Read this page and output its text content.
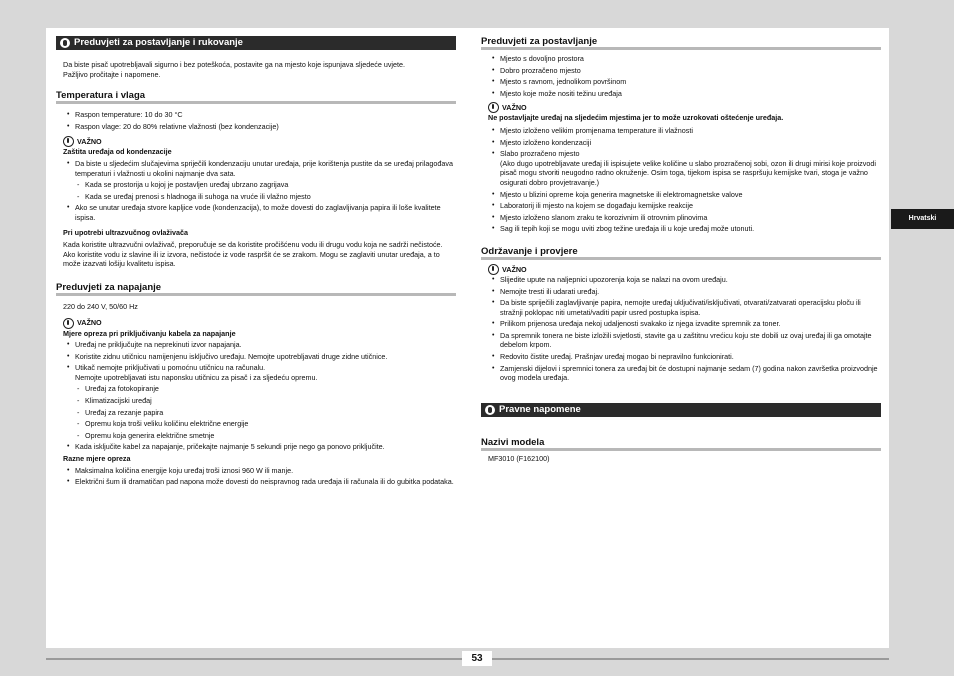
53
Hrvatski
Preduvjeti za postavljanje i rukovanje
Da biste pisač upotrebljavali sigurno i bez poteškoća, postavite ga na mjesto koje ispunjava sljedeće uvjete.
Pažljivo pročitajte i napomene.
Temperatura i vlaga
• Raspon temperature: 10 do 30 °C
• Raspon vlage: 20 do 80% relativne vlažnosti (bez kondenzacije)
VAŽNO
Zaštita uređaja od kondenzacije
• Da biste u sljedećim slučajevima spriječili kondenzaciju unutar uređaja, prije korištenja pustite da se uređaj prilagođava temperaturi i vlažnosti u okolini najmanje dva sata.
- Kada se prostorija u kojoj je postavljen uređaj ubrzano zagrijava
- Kada se uređaj prenosi s hladnoga ili suhoga na vruće ili vlažno mjesto
• Ako se unutar uređaja stvore kapljice vode (kondenzacija), to može dovesti do zaglavljivanja papira ili loše kvalitete ispisa.
Pri upotrebi ultrazvučnog ovlaživača
Kada koristite ultrazvučni ovlaživač, preporučuje se da koristite pročišćenu vodu ili drugu vodu koja ne sadrži nečistoće.
Ako koristite vodu iz slavine ili iz izvora, nečistoće iz vode raspršit će se zrakom. Mogu se zaglaviti unutar uređaja, a to može izazvati lošiju kvalitetu ispisa.
Preduvjeti za napajanje
220 do 240 V, 50/60 Hz
VAŽNO
Mjere opreza pri priključivanju kabela za napajanje
• Uređaj ne priključujte na neprekinuti izvor napajanja.
• Koristite zidnu utičnicu namijenjenu isključivo uređaju. Nemojte upotrebljavati druge zidne utičnice.
• Utikač nemojte priključivati u pomoćnu utičnicu na računalu.
Nemojte upotrebljavati istu naponsku utičnicu za pisač i za sljedeću opremu.
- Uređaj za fotokopiranje
- Klimatizacijski uređaj
- Uređaj za rezanje papira
- Opremu koja troši veliku količinu električne energije
- Opremu koja generira električne smetnje
• Kada isključite kabel za napajanje, pričekajte najmanje 5 sekundi prije nego ga ponovo priključite.
Razne mjere opreza
• Maksimalna količina energije koju uređaj troši iznosi 960 W ili manje.
• Električni šum ili dramatičan pad napona može dovesti do neispravnog rada uređaja ili računala ili do gubitka podataka.
Preduvjeti za postavljanje
• Mjesto s dovoljno prostora
• Dobro prozračeno mjesto
• Mjesto s ravnom, jednolikom površinom
• Mjesto koje može nositi težinu uređaja
VAŽNO
Ne postavljajte uređaj na sljedećim mjestima jer to može uzrokovati oštećenje uređaja.
• Mjesto izloženo velikim promjenama temperature ili vlažnosti
• Mjesto izloženo kondenzaciji
• Slabo prozračeno mjesto
(Ako dugo upotrebljavate uređaj ili ispisujete velike količine u slabo prozračenoj sobi, ozon ili drugi mirisi koje proizvodi pisač mogu stvoriti neugodno radno okruženje. Osim toga, tijekom ispisa se raspršuju kemijske tvari, stoga je važno osigurati dobro provjetravanje.)
• Mjesto u blizini opreme koja generira magnetske ili elektromagnetske valove
• Laboratorij ili mjesto na kojem se događaju kemijske reakcije
• Mjesto izloženo slanom zraku te korozivnim ili otrovnim plinovima
• Sag ili tepih koji se mogu uviti zbog težine uređaja ili u koje uređaj može utonuti.
Održavanje i provjere
VAŽNO
• Slijedite upute na naljepnici upozorenja koja se nalazi na ovom uređaju.
• Nemojte tresti ili udarati uređaj.
• Da biste spriječili zaglavljivanje papira, nemojte uređaj uključivati/isključivati, otvarati/zatvarati operacijsku ploču ili stražnji poklopac niti umetati/vaditi papir usred postupka ispisa.
• Prilikom prijenosa uređaja nekoj udaljenosti svakako iz njega izvadite spremnik za toner.
• Da spremnik tonera ne biste izložili svjetlosti, stavite ga u zaštitnu vrećicu koju ste dobili uz ovaj uređaj ili ga omotajte debelom krpom.
• Redovito čistite uređaj. Prašnjav uređaj mogao bi nepravilno funkcionirati.
• Zamjenski dijelovi i spremnici tonera za uređaj bit će dostupni najmanje sedam (7) godina nakon završetka proizvodnje ovog modela uređaja.
Pravne napomene
Nazivi modela
MF3010 (F162100)
